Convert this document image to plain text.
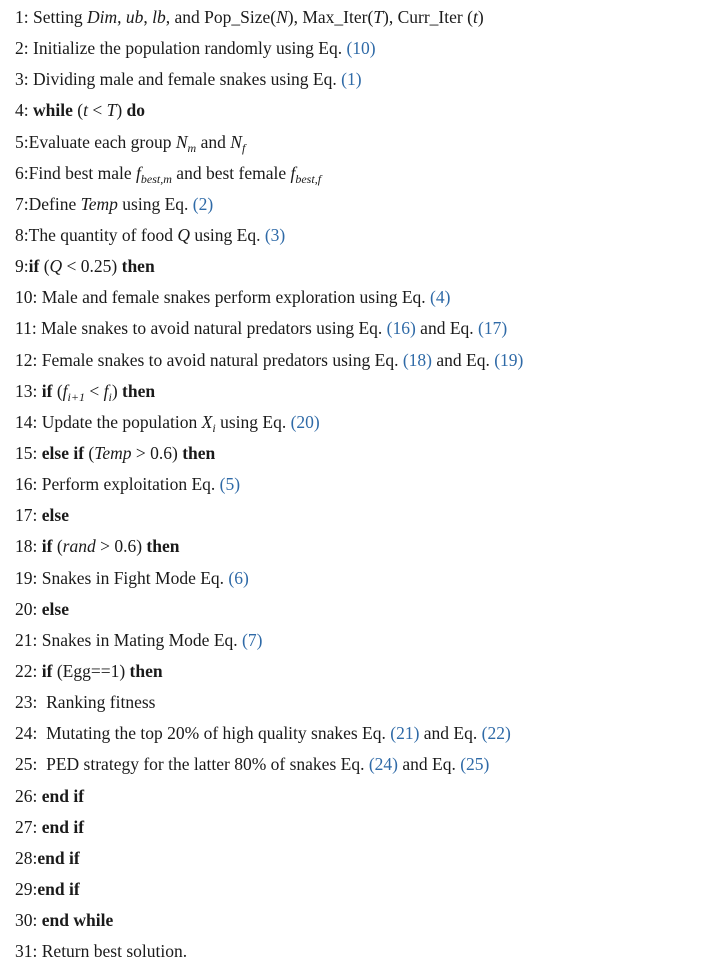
1: Setting Dim, ub, lb, and Pop_Size(N), Max_Iter(T), Curr_Iter (t)
2: Initialize the population randomly using Eq. (10)
3: Dividing male and female snakes using Eq. (1)
4: while (t < T) do
5:Evaluate each group $N_m$ and $N_f$
6:Find best male $f_{best,m}$ and best female $f_{best,f}$
7:Define Temp using Eq. (2)
8:The quantity of food Q using Eq. (3)
9:if (Q < 0.25) then
10: Male and female snakes perform exploration using Eq. (4)
11: Male snakes to avoid natural predators using Eq. (16) and Eq. (17)
12: Female snakes to avoid natural predators using Eq. (18) and Eq. (19)
13: if $(f_{i+1} < f_i)$ then
14: Update the population $X_i$ using Eq. (20)
15: else if (Temp > 0.6) then
16: Perform exploitation Eq. (5)
17: else
18: if (rand > 0.6) then
19: Snakes in Fight Mode Eq. (6)
20: else
21: Snakes in Mating Mode Eq. (7)
22: if (Egg==1) then
23:  Ranking fitness
24:  Mutating the top 20% of high quality snakes Eq. (21) and Eq. (22)
25:  PED strategy for the latter 80% of snakes Eq. (24) and Eq. (25)
26: end if
27: end if
28:end if
29:end if
30: end while
31: Return best solution.
